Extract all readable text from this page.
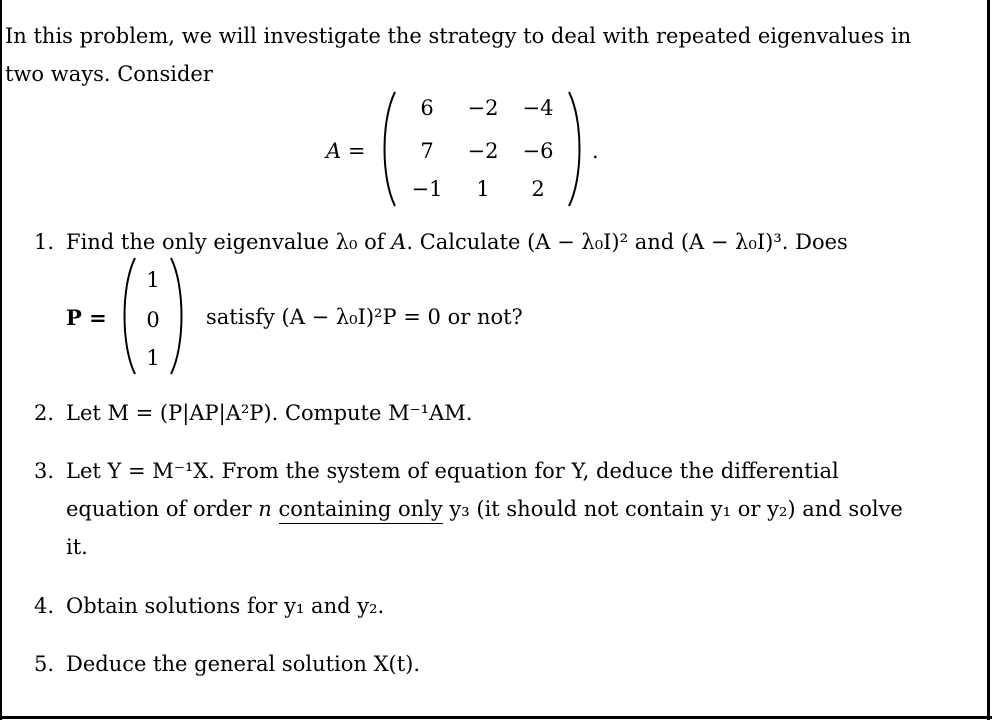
In this problem, we will investigate the strategy to deal with repeated eigenvalues in
two ways. Consider
A =
6	−2	−4
7	−2	−6
−1	1	2
.
1. Find the only eigenvalue λ₀ of A. Calculate (A − λ₀I)² and (A − λ₀I)³. Does
P =
1
0
1
satisfy (A − λ₀I)²P = 0 or not?
2. Let M = (P|AP|A²P). Compute M⁻¹AM.
3. Let Y = M⁻¹X. From the system of equation for Y, deduce the differential
equation of order n containing only y₃ (it should not contain y₁ or y₂) and solve
it.
4. Obtain solutions for y₁ and y₂.
5. Deduce the general solution X(t).
